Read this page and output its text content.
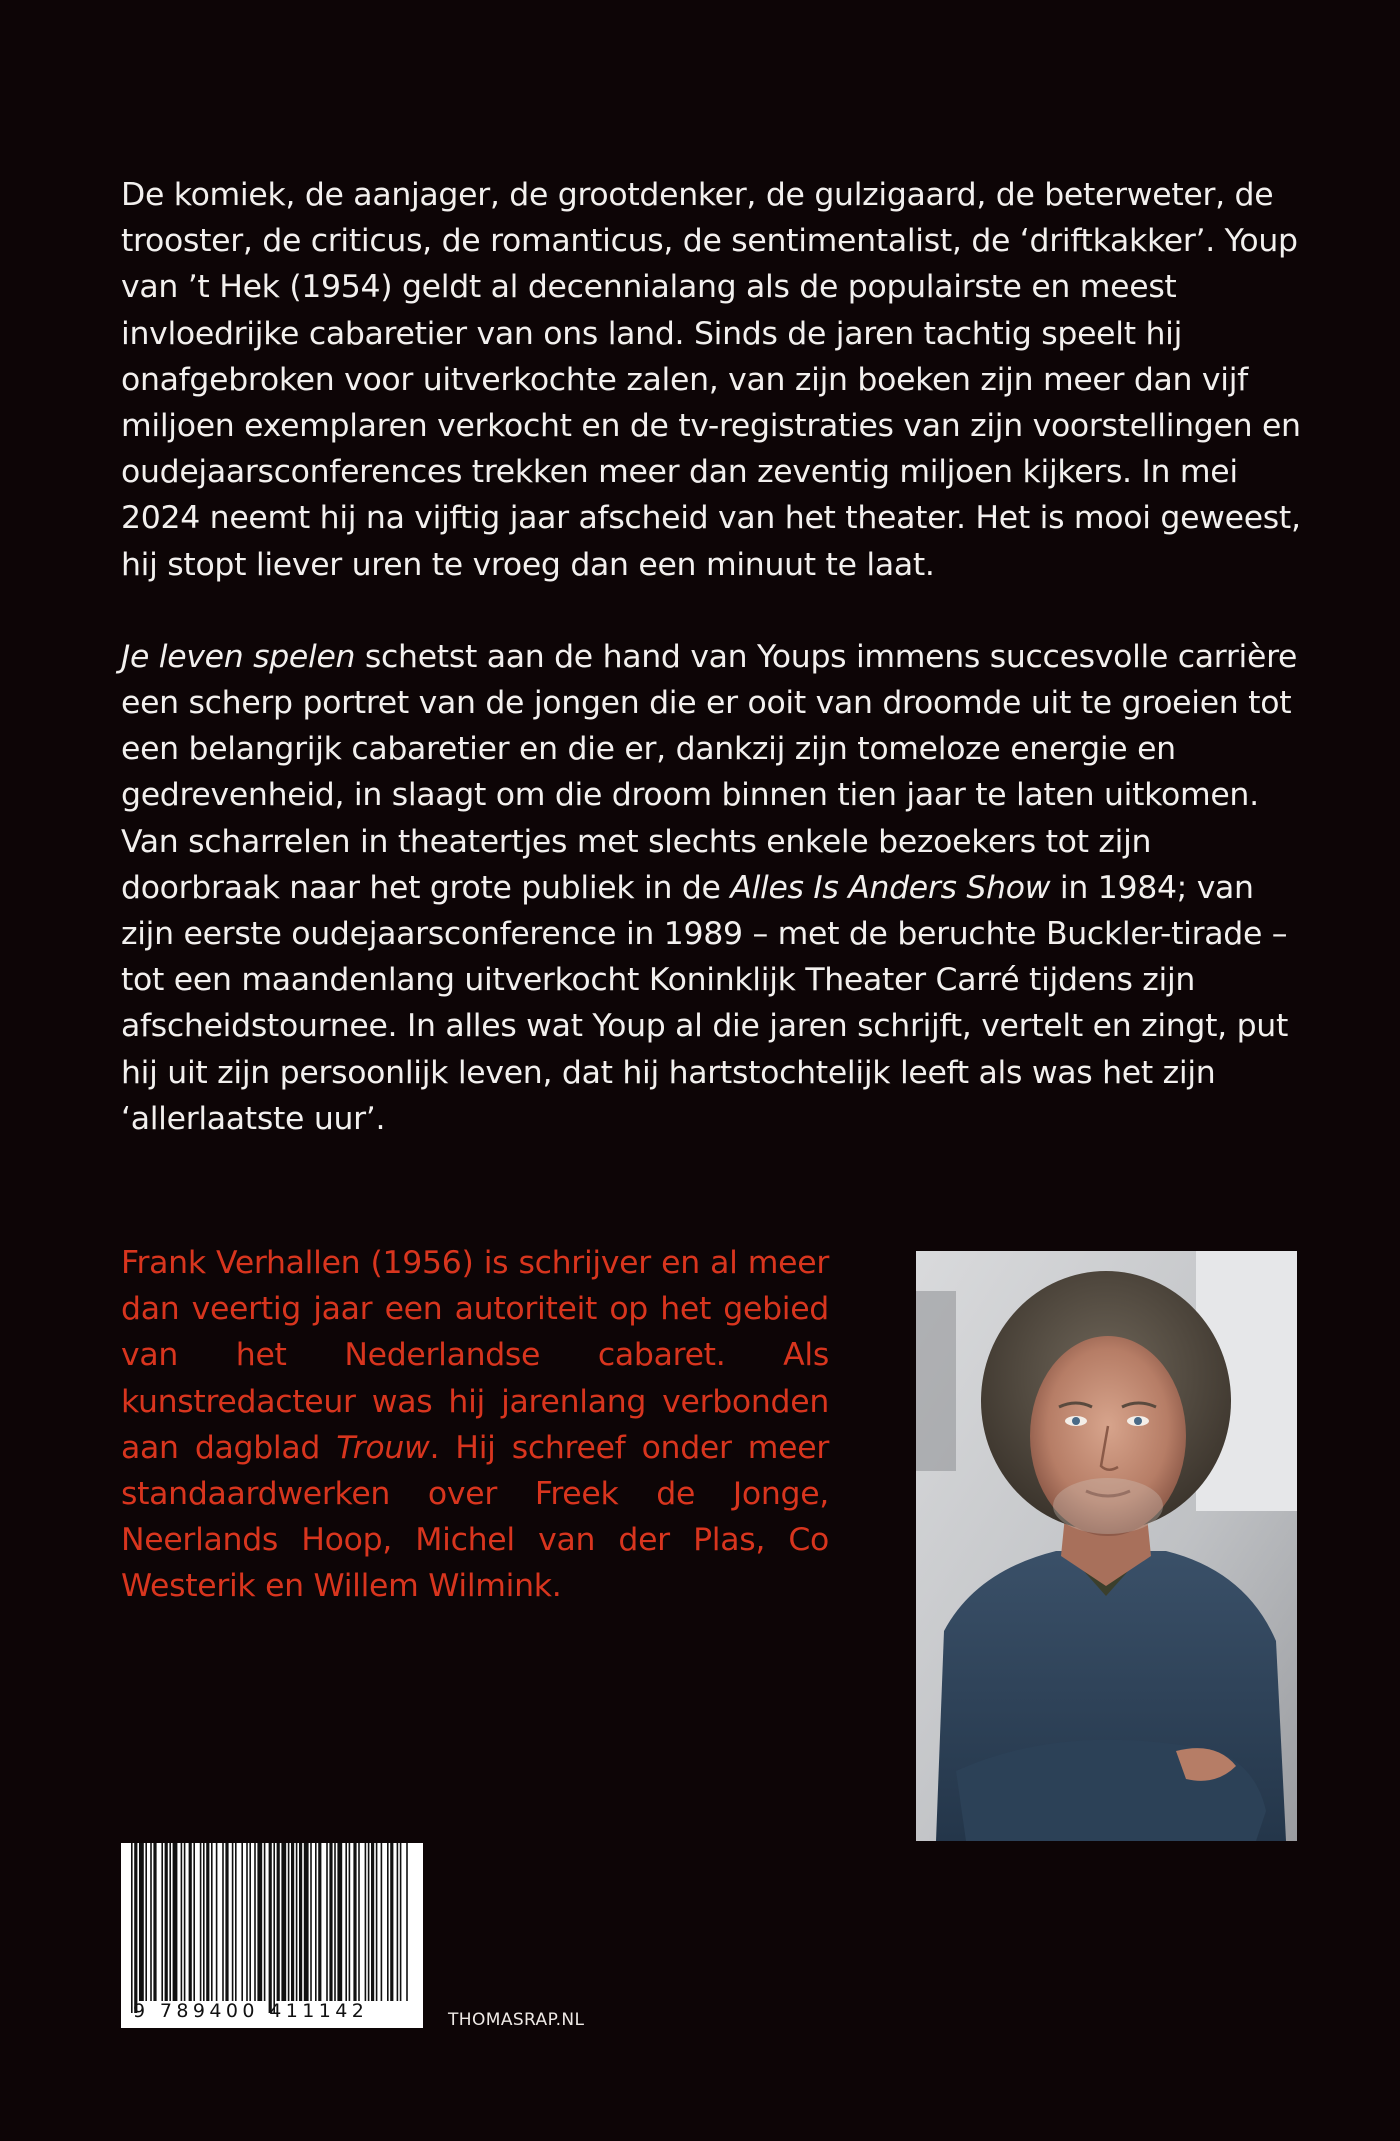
De komiek, de aanjager, de grootdenker, de gulzigaard, de beterweter, de trooster, de criticus, de romanticus, de sentimentalist, de ‘driftkakker’. Youp van ’t Hek (1954) geldt al decennialang als de populairste en meest invloedrijke cabaretier van ons land. Sinds de jaren tachtig speelt hij onafgebroken voor uitverkochte zalen, van zijn boeken zijn meer dan vijf miljoen exemplaren verkocht en de tv-registraties van zijn voorstellingen en oudejaarsconferences trekken meer dan zeventig miljoen kijkers. In mei 2024 neemt hij na vijftig jaar afscheid van het theater. Het is mooi geweest, hij stopt liever uren te vroeg dan een minuut te laat.

Je leven spelen schetst aan de hand van Youps immens succesvolle carrière een scherp portret van de jongen die er ooit van droomde uit te groeien tot een belangrijk cabaretier en die er, dankzij zijn tomeloze energie en gedrevenheid, in slaagt om die droom binnen tien jaar te laten uitkomen. Van scharrelen in theatertjes met slechts enkele bezoekers tot zijn doorbraak naar het grote publiek in de Alles Is Anders Show in 1984; van zijn eerste oudejaarsconference in 1989 – met de beruchte Buckler-tirade – tot een maandenlang uitverkocht Koninklijk Theater Carré tijdens zijn afscheidstournee. In alles wat Youp al die jaren schrijft, vertelt en zingt, put hij uit zijn persoonlijk leven, dat hij hartstochtelijk leeft als was het zijn ‘allerlaatste uur’.

Frank Verhallen (1956) is schrijver en al meer dan veertig jaar een autoriteit op het gebied van het Nederlandse cabaret. Als kunstredacteur was hij jarenlang verbonden aan dagblad Trouw. Hij schreef onder meer standaardwerken over Freek de Jonge, Neerlands Hoop, Michel van der Plas, Co Westerik en Willem Wilmink.

9 789400 411142	THOMASRAP.NL
